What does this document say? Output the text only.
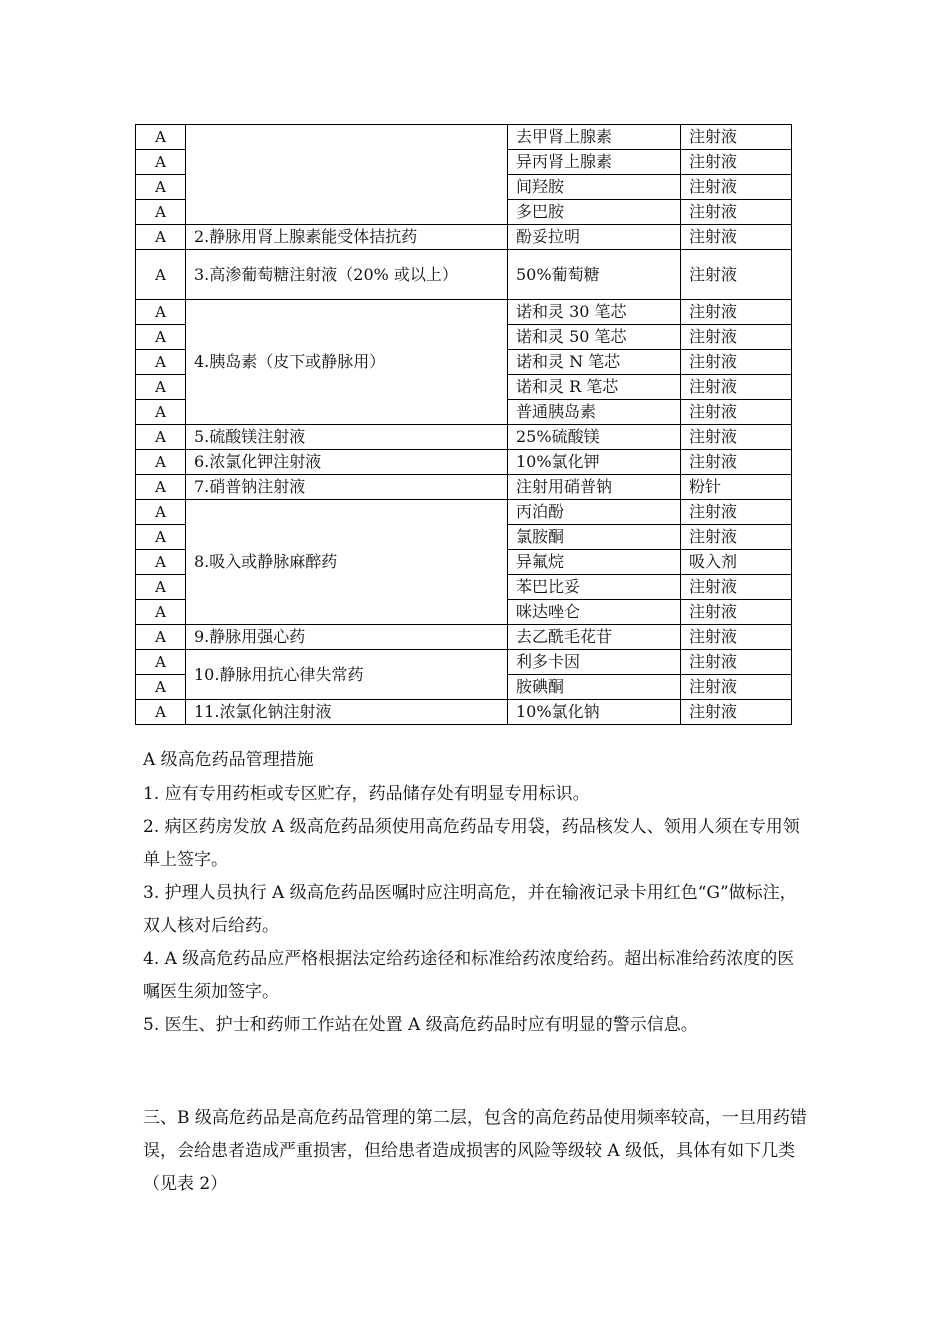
A		去甲肾上腺素	注射液
A		异丙肾上腺素	注射液
A		间羟胺	注射液
A		多巴胺	注射液
A	2.静脉用肾上腺素能受体拮抗药	酚妥拉明	注射液
A	3.高渗葡萄糖注射液（20% 或以上）	50%葡萄糖	注射液
A	4.胰岛素（皮下或静脉用）	诺和灵 30 笔芯	注射液
A		诺和灵 50 笔芯	注射液
A		诺和灵 N 笔芯	注射液
A		诺和灵 R 笔芯	注射液
A		普通胰岛素	注射液
A	5.硫酸镁注射液	25%硫酸镁	注射液
A	6.浓氯化钾注射液	10%氯化钾	注射液
A	7.硝普钠注射液	注射用硝普钠	粉针
A	8.吸入或静脉麻醉药	丙泊酚	注射液
A		氯胺酮	注射液
A		异氟烷	吸入剂
A		苯巴比妥	注射液
A		咪达唑仑	注射液
A	9.静脉用强心药	去乙酰毛花苷	注射液
A	10.静脉用抗心律失常药	利多卡因	注射液
A		胺碘酮	注射液
A	11.浓氯化钠注射液	10%氯化钠	注射液

A 级高危药品管理措施

1. 应有专用药柜或专区贮存，药品储存处有明显专用标识。

2. 病区药房发放 A 级高危药品须使用高危药品专用袋，药品核发人、领用人须在专用领单上签字。

3. 护理人员执行 A 级高危药品医嘱时应注明高危，并在输液记录卡用红色“G”做标注，双人核对后给药。

4. A 级高危药品应严格根据法定给药途径和标准给药浓度给药。超出标准给药浓度的医嘱医生须加签字。

5. 医生、护士和药师工作站在处置 A 级高危药品时应有明显的警示信息。

三、B 级高危药品是高危药品管理的第二层，包含的高危药品使用频率较高，一旦用药错误，会给患者造成严重损害，但给患者造成损害的风险等级较 A 级低，具体有如下几类（见表 2）
